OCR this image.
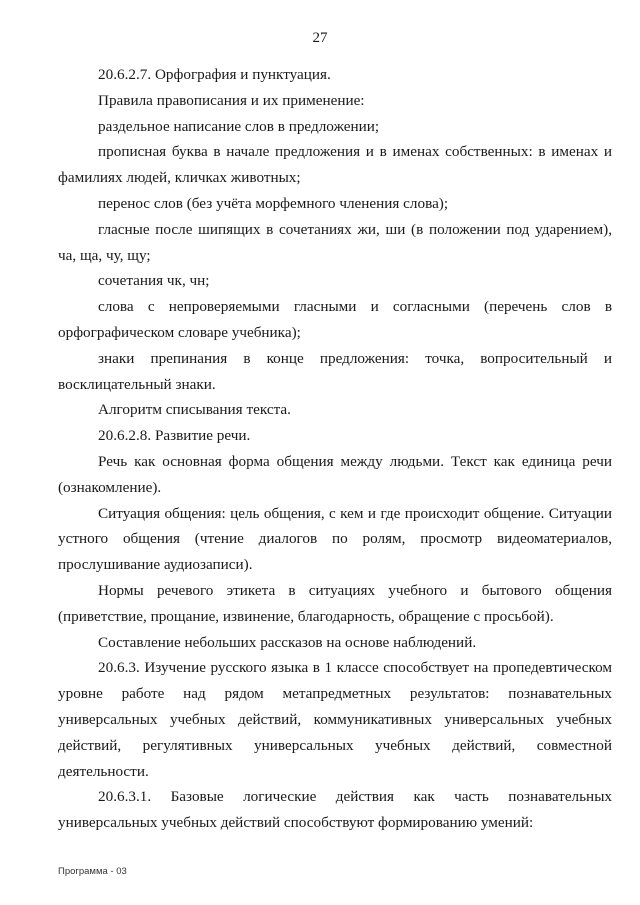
27

20.6.2.7. Орфография и пунктуация.

Правила правописания и их применение:

раздельное написание слов в предложении;

прописная буква в начале предложения и в именах собственных: в именах и фамилиях людей, кличках животных;

перенос слов (без учёта морфемного членения слова);

гласные после шипящих в сочетаниях жи, ши (в положении под ударением), ча, ща, чу, щу;

сочетания чк, чн;

слова с непроверяемыми гласными и согласными (перечень слов в орфографическом словаре учебника);

знаки препинания в конце предложения: точка, вопросительный и восклицательный знаки.

Алгоритм списывания текста.

20.6.2.8. Развитие речи.

Речь как основная форма общения между людьми. Текст как единица речи (ознакомление).

Ситуация общения: цель общения, с кем и где происходит общение. Ситуации устного общения (чтение диалогов по ролям, просмотр видеоматериалов, прослушивание аудиозаписи).

Нормы речевого этикета в ситуациях учебного и бытового общения (приветствие, прощание, извинение, благодарность, обращение с просьбой).

Составление небольших рассказов на основе наблюдений.

20.6.3. Изучение русского языка в 1 классе способствует на пропедевтическом уровне работе над рядом метапредметных результатов: познавательных универсальных учебных действий, коммуникативных универсальных учебных действий, регулятивных универсальных учебных действий, совместной деятельности.

20.6.3.1. Базовые логические действия как часть познавательных универсальных учебных действий способствуют формированию умений:

Программа - 03
